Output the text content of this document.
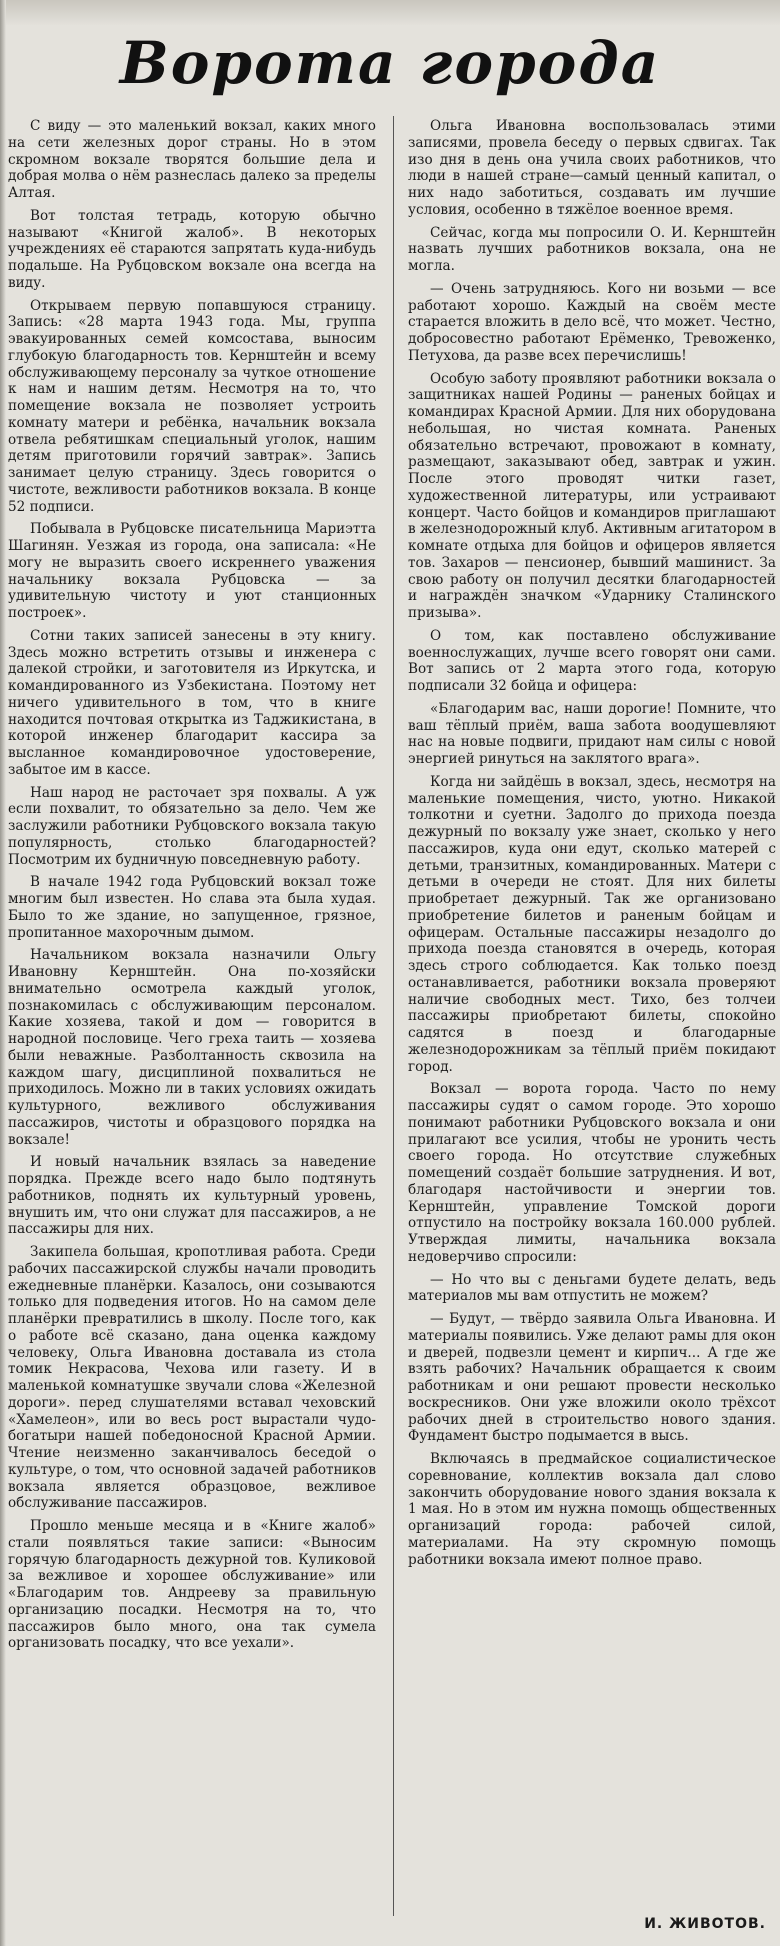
Ворота города

С виду — это маленький вокзал, каких много на сети железных дорог страны. Но в этом скромном вокзале творятся большие дела и добрая молва о нём разнеслась далеко за пределы Алтая.

Вот толстая тетрадь, которую обычно называют «Книгой жалоб». В некоторых учреждениях её стараются запрятать куда-нибудь подальше. На Рубцовском вокзале она всегда на виду.

Открываем первую попавшуюся страницу. Запись: «28 марта 1943 года. Мы, группа эвакуированных семей комсостава, выносим глубокую благодарность тов. Кернштейн и всему обслуживающему персоналу за чуткое отношение к нам и нашим детям. Несмотря на то, что помещение вокзала не позволяет устроить комнату матери и ребёнка, начальник вокзала отвела ребятишкам специальный уголок, нашим детям приготовили горячий завтрак». Запись занимает целую страницу. Здесь говорится о чистоте, вежливости работников вокзала. В конце 52 подписи.

Побывала в Рубцовске писательница Мариэтта Шагинян. Уезжая из города, она записала: «Не могу не выразить своего искреннего уважения начальнику вокзала Рубцовска — за удивительную чистоту и уют станционных построек».

Сотни таких записей занесены в эту книгу. Здесь можно встретить отзывы и инженера с далекой стройки, и заготовителя из Иркутска, и командированного из Узбекистана. Поэтому нет ничего удивительного в том, что в книге находится почтовая открытка из Таджикистана, в которой инженер благодарит кассира за высланное командировочное удостоверение, забытое им в кассе.

Наш народ не расточает зря похвалы. А уж если похвалит, то обязательно за дело. Чем же заслужили работники Рубцовского вокзала такую популярность, столько благодарностей? Посмотрим их будничную повседневную работу.

В начале 1942 года Рубцовский вокзал тоже многим был известен. Но слава эта была худая. Было то же здание, но запущенное, грязное, пропитанное махорочным дымом.

Начальником вокзала назначили Ольгу Ивановну Кернштейн. Она по-хозяйски внимательно осмотрела каждый уголок, познакомилась с обслуживающим персоналом. Какие хозяева, такой и дом — говорится в народной пословице. Чего греха таить — хозяева были неважные. Разболтанность сквозила на каждом шагу, дисциплиной похвалиться не приходилось. Можно ли в таких условиях ожидать культурного, вежливого обслуживания пассажиров, чистоты и образцового порядка на вокзале!

И новый начальник взялась за наведение порядка. Прежде всего надо было подтянуть работников, поднять их культурный уровень, внушить им, что они служат для пассажиров, а не пассажиры для них.

Закипела большая, кропотливая работа. Среди рабочих пассажирской службы начали проводить ежедневные планёрки. Казалось, они созываются только для подведения итогов. Но на самом деле планёрки превратились в школу. После того, как о работе всё сказано, дана оценка каждому человеку, Ольга Ивановна доставала из стола томик Некрасова, Чехова или газету. И в маленькой комнатушке звучали слова «Железной дороги». перед слушателями вставал чеховский «Хамелеон», или во весь рост вырастали чудо-богатыри нашей победоносной Красной Армии. Чтение неизменно заканчивалось беседой о культуре, о том, что основной задачей работников вокзала является образцовое, вежливое обслуживание пассажиров.

Прошло меньше месяца и в «Книге жалоб» стали появляться такие записи: «Выносим горячую благодарность дежурной тов. Куликовой за вежливое и хорошее обслуживание» или «Благодарим тов. Андреeву за правильную организацию посадки. Несмотря на то, что пассажиров было много, она так сумела организовать посадку, что все уехали».

Ольга Ивановна воспользовалась этими записями, провела беседу о первых сдвигах. Так изо дня в день она учила своих работников, что люди в нашей стране—самый ценный капитал, о них надо заботиться, создавать им лучшие условия, особенно в тяжёлое военное время.

Сейчас, когда мы попросили О. И. Кернштейн назвать лучших работников вокзала, она не могла.

— Очень затрудняюсь. Кого ни возьми — все работают хорошо. Каждый на своём месте старается вложить в дело всё, что может. Честно, добросовестно работают Ерёменко, Тревоженко, Петухова, да разве всех перечислишь!

Особую заботу проявляют работники вокзала о защитниках нашей Родины — раненых бойцах и командирах Красной Армии. Для них оборудована небольшая, но чистая комната. Раненых обязательно встречают, провожают в комнату, размещают, заказывают обед, завтрак и ужин. После этого проводят читки газет, художественной литературы, или устраивают концерт. Часто бойцов и командиров приглашают в железнодорожный клуб. Активным агитатором в комнате отдыха для бойцов и офицеров является тов. Захаров — пенсионер, бывший машинист. За свою работу он получил десятки благодарностей и награждён значком «Ударнику Сталинского призыва».

О том, как поставлено обслуживание военнослужащих, лучше всего говорят они сами. Вот запись от 2 марта этого года, которую подписали 32 бойца и офицера:

«Благодарим вас, наши дорогие! Помните, что ваш тёплый приём, ваша забота воодушевляют нас на новые подвиги, придают нам силы с новой энергией ринуться на заклятого врага».

Когда ни зайдёшь в вокзал, здесь, несмотря на маленькие помещения, чисто, уютно. Никакой толкотни и суетни. Задолго до прихода поезда дежурный по вокзалу уже знает, сколько у него пассажиров, куда они едут, сколько матерей с детьми, транзитных, командированных. Матери с детьми в очереди не стоят. Для них билеты приобретает дежурный. Так же организовано приобретение билетов и раненым бойцам и офицерам. Остальные пассажиры незадолго до прихода поезда становятся в очередь, которая здесь строго соблюдается. Как только поезд останавливается, работники вокзала проверяют наличие свободных мест. Тихо, без толчеи пассажиры приобретают билеты, спокойно садятся в поезд и благодарные железнодорожникам за тёплый приём покидают город.

Вокзал — ворота города. Часто по нему пассажиры судят о самом городе. Это хорошо понимают работники Рубцовского вокзала и они прилагают все усилия, чтобы не уронить честь своего города. Но отсутствие служебных помещений создаёт большие затруднения. И вот, благодаря настойчивости и энергии тов. Кернштейн, управление Томской дороги отпустило на постройку вокзала 160.000 рублей. Утверждая лимиты, начальника вокзала недоверчиво спросили:

— Но что вы с деньгами будете делать, ведь материалов мы вам отпустить не можем?

— Будут, — твёрдо заявила Ольга Ивановна. И материалы появились. Уже делают рамы для окон и дверей, подвезли цемент и кирпич... А где же взять рабочих? Начальник обращается к своим работникам и они решают провести несколько воскресников. Они уже вложили около трёхсот рабочих дней в строительство нового здания. Фундамент быстро подымается в высь.

Включаясь в предмайское социалистическое соревнование, коллектив вокзала дал слово закончить оборудование нового здания вокзала к 1 мая. Но в этом им нужна помощь общественных организаций города: рабочей силой, материалами. На эту скромную помощь работники вокзала имеют полное право.

И. ЖИВОТОВ.
